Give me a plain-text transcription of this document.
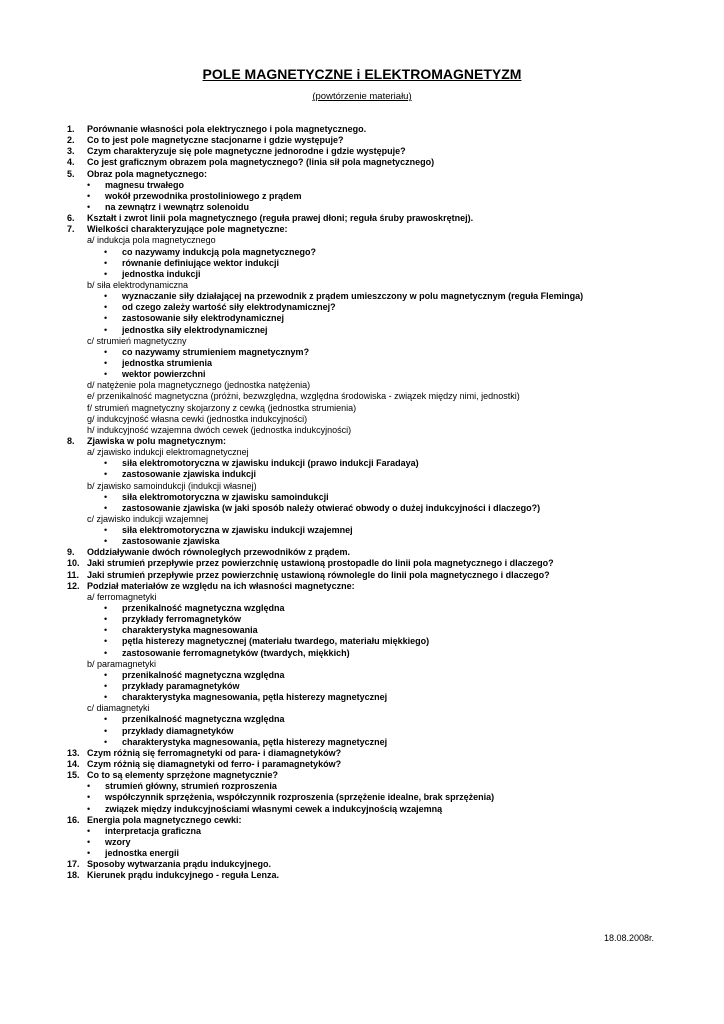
POLE MAGNETYCZNE i ELEKTROMAGNETYZM
(powtórzenie materiału)
1. Porównanie własności pola elektrycznego i pola magnetycznego.
2. Co to jest pole magnetyczne stacjonarne i gdzie występuje?
3. Czym charakteryzuje się pole magnetyczne jednorodne i gdzie występuje?
4. Co jest graficznym obrazem pola magnetycznego? (linia sił pola magnetycznego)
5. Obraz pola magnetycznego:
• magnesu trwałego
• wokół przewodnika prostoliniowego z prądem
• na zewnątrz i wewnątrz solenoidu
6. Kształt i zwrot linii pola magnetycznego (reguła prawej dłoni; reguła śruby prawoskrętnej).
7. Wielkości charakteryzujące pole magnetyczne:
a/ indukcja pola magnetycznego
• co nazywamy indukcją pola magnetycznego?
• równanie definiujące wektor indukcji
• jednostka indukcji
b/ siła elektrodynamiczna
• wyznaczanie siły działającej na przewodnik z prądem umieszczony w polu magnetycznym (reguła Fleminga)
• od czego zależy wartość siły elektrodynamicznej?
• zastosowanie siły elektrodynamicznej
• jednostka siły elektrodynamicznej
c/ strumień magnetyczny
• co nazywamy strumieniem magnetycznym?
• jednostka strumienia
• wektor powierzchni
d/ natężenie pola magnetycznego (jednostka natężenia)
e/ przenikalność magnetyczna (próżni, bezwzględna, względna środowiska - związek między nimi, jednostki)
f/ strumień magnetyczny skojarzony z cewką (jednostka strumienia)
g/ indukcyjność własna cewki (jednostka indukcyjności)
h/ indukcyjność wzajemna dwóch cewek (jednostka indukcyjności)
8. Zjawiska w polu magnetycznym:
a/ zjawisko indukcji elektromagnetycznej
• siła elektromotoryczna w zjawisku indukcji (prawo indukcji Faradaya)
• zastosowanie zjawiska indukcji
b/ zjawisko samoindukcji (indukcji własnej)
• siła elektromotoryczna w zjawisku samoindukcji
• zastosowanie zjawiska (w jaki sposób należy otwierać obwody o dużej indukcyjności i dlaczego?)
c/ zjawisko indukcji wzajemnej
• siła elektromotoryczna w zjawisku indukcji wzajemnej
• zastosowanie zjawiska
9. Oddziaływanie dwóch równoległych przewodników z prądem.
10. Jaki strumień przepływie przez powierzchnię ustawioną prostopadle do linii pola magnetycznego i dlaczego?
11. Jaki strumień przepływie przez powierzchnię ustawioną równolegle do linii pola magnetycznego i dlaczego?
12. Podział materiałów ze względu na ich własności magnetyczne:
a/ ferromagnetyki
• przenikalność magnetyczna względna
• przykłady ferromagnetyków
• charakterystyka magnesowania
• pętla histerezy magnetycznej (materiału twardego, materiału miękkiego)
• zastosowanie ferromagnetyków (twardych, miękkich)
b/ paramagnetyki
• przenikalność magnetyczna względna
• przykłady paramagnetyków
• charakterystyka magnesowania, pętla histerezy magnetycznej
c/ diamagnetyki
• przenikalność magnetyczna względna
• przykłady diamagnetyków
• charakterystyka magnesowania, pętla histerezy magnetycznej
13. Czym różnią się ferromagnetyki od para- i diamagnetyków?
14. Czym różnią się diamagnetyki od ferro- i paramagnetyków?
15. Co to są elementy sprzężone magnetycznie?
• strumień główny, strumień rozproszenia
• współczynnik sprzężenia, współczynnik rozproszenia (sprzężenie idealne, brak sprzężenia)
• związek między indukcyjnościami własnymi cewek a indukcyjnością wzajemną
16. Energia pola magnetycznego cewki:
• interpretacja graficzna
• wzory
• jednostka energii
17. Sposoby wytwarzania prądu indukcyjnego.
18. Kierunek prądu indukcyjnego - reguła Lenza.
18.08.2008r.
